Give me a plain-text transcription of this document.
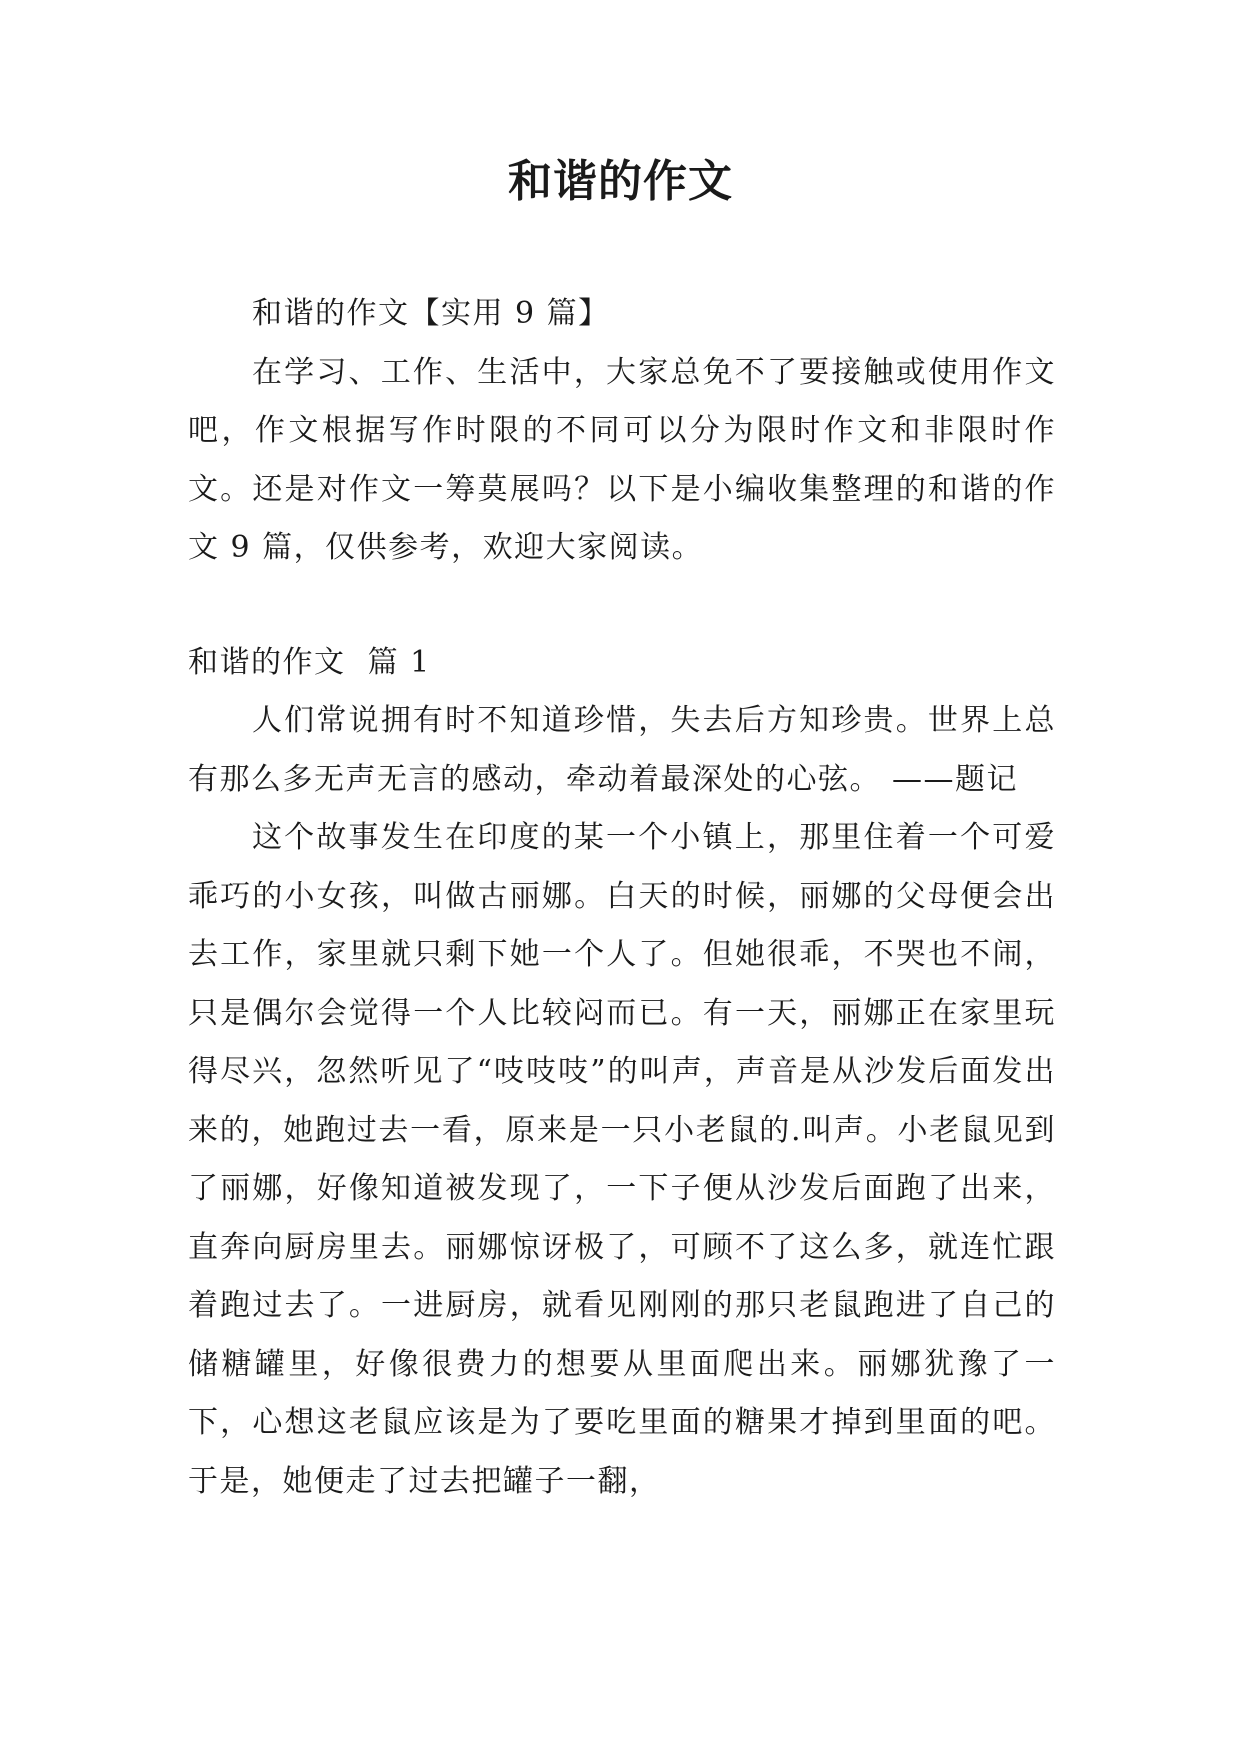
和谐的作文

和谐的作文【实用 9 篇】

在学习、工作、生活中，大家总免不了要接触或使用作文吧，作文根据写作时限的不同可以分为限时作文和非限时作文。还是对作文一筹莫展吗？以下是小编收集整理的和谐的作文 9 篇，仅供参考，欢迎大家阅读。

和谐的作文  篇 1

人们常说拥有时不知道珍惜，失去后方知珍贵。世界上总有那么多无声无言的感动，牵动着最深处的心弦。 ——题记

这个故事发生在印度的某一个小镇上，那里住着一个可爱乖巧的小女孩，叫做古丽娜。白天的时候，丽娜的父母便会出去工作，家里就只剩下她一个人了。但她很乖，不哭也不闹，只是偶尔会觉得一个人比较闷而已。有一天，丽娜正在家里玩得尽兴，忽然听见了“吱吱吱”的叫声，声音是从沙发后面发出来的，她跑过去一看，原来是一只小老鼠的.叫声。小老鼠见到了丽娜，好像知道被发现了，一下子便从沙发后面跑了出来，直奔向厨房里去。丽娜惊讶极了，可顾不了这么多，就连忙跟着跑过去了。一进厨房，就看见刚刚的那只老鼠跑进了自己的储糖罐里，好像很费力的想要从里面爬出来。丽娜犹豫了一下，心想这老鼠应该是为了要吃里面的糖果才掉到里面的吧。于是，她便走了过去把罐子一翻，
